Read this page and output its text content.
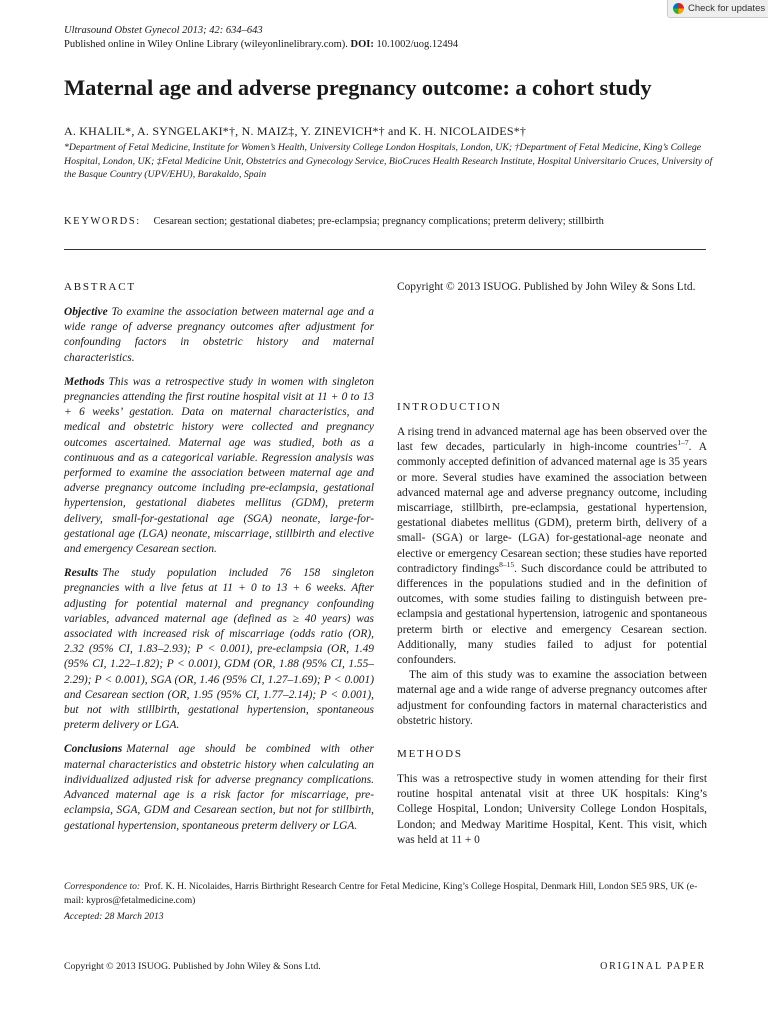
Check for updates
Ultrasound Obstet Gynecol 2013; 42: 634–643
Published online in Wiley Online Library (wileyonlinelibrary.com). DOI: 10.1002/uog.12494
Maternal age and adverse pregnancy outcome: a cohort study
A. KHALIL*, A. SYNGELAKI*†, N. MAIZ‡, Y. ZINEVICH*† and K. H. NICOLAIDES*†
*Department of Fetal Medicine, Institute for Women’s Health, University College London Hospitals, London, UK; †Department of Fetal Medicine, King’s College Hospital, London, UK; ‡Fetal Medicine Unit, Obstetrics and Gynecology Service, BioCruces Health Research Institute, Hospital Universitario Cruces, University of the Basque Country (UPV/EHU), Barakaldo, Spain
KEYWORDS: Cesarean section; gestational diabetes; pre-eclampsia; pregnancy complications; preterm delivery; stillbirth
ABSTRACT

Objective To examine the association between maternal age and a wide range of adverse pregnancy outcomes after adjustment for confounding factors in obstetric history and maternal characteristics.

Methods This was a retrospective study in women with singleton pregnancies attending the first routine hospital visit at 11 + 0 to 13 + 6 weeks’ gestation. Data on maternal characteristics, and medical and obstetric history were collected and pregnancy outcomes ascertained. Maternal age was studied, both as a continuous and as a categorical variable. Regression analysis was performed to examine the association between maternal age and adverse pregnancy outcome including pre-eclampsia, gestational hypertension, gestational diabetes mellitus (GDM), preterm delivery, small-for-gestational age (SGA) neonate, large-for-gestational age (LGA) neonate, miscarriage, stillbirth and elective and emergency Cesarean section.

Results The study population included 76 158 singleton pregnancies with a live fetus at 11 + 0 to 13 + 6 weeks. After adjusting for potential maternal and pregnancy confounding variables, advanced maternal age (defined as ≥ 40 years) was associated with increased risk of miscarriage (odds ratio (OR), 2.32 (95% CI, 1.83–2.93); P < 0.001), pre-eclampsia (OR, 1.49 (95% CI, 1.22–1.82); P < 0.001), GDM (OR, 1.88 (95% CI, 1.55–2.29); P < 0.001), SGA (OR, 1.46 (95% CI, 1.27–1.69); P < 0.001) and Cesarean section (OR, 1.95 (95% CI, 1.77–2.14); P < 0.001), but not with stillbirth, gestational hypertension, spontaneous preterm delivery or LGA.

Conclusions Maternal age should be combined with other maternal characteristics and obstetric history when calculating an individualized adjusted risk for adverse pregnancy complications. Advanced maternal age is a risk factor for miscarriage, pre-eclampsia, SGA, GDM and Cesarean section, but not for stillbirth, gestational hypertension, spontaneous preterm delivery or LGA.

INTRODUCTION

A rising trend in advanced maternal age has been observed over the last few decades, particularly in high-income countries$^{1-7}$. A commonly accepted definition of advanced maternal age is 35 years or more. Several studies have examined the association between advanced maternal age and adverse pregnancy outcome, including miscarriage, stillbirth, pre-eclampsia, gestational hypertension, gestational diabetes mellitus (GDM), preterm birth, delivery of a small- (SGA) or large- (LGA) for-gestational-age neonate and elective or emergency Cesarean section; these studies have reported contradictory findings$^{8-15}$. Such discordance could be attributed to differences in the populations studied and in the definition of outcomes, with some studies failing to distinguish between pre-eclampsia and gestational hypertension, iatrogenic and spontaneous preterm birth or elective and emergency Cesarean section. Additionally, many studies failed to adjust for potential confounders.

The aim of this study was to examine the association between maternal age and a wide range of adverse pregnancy outcomes after adjustment for confounding factors in maternal characteristics and obstetric history.

METHODS

This was a retrospective study in women attending for their first routine hospital antenatal visit at three UK hospitals: King’s College Hospital, London; University College London Hospitals, London; and Medway Maritime Hospital, Kent. This visit, which was held at 11 + 0

Correspondence to: Prof. K. H. Nicolaides, Harris Birthright Research Centre for Fetal Medicine, King’s College Hospital, Denmark Hill, London SE5 9RS, UK (e-mail: kypros@fetalmedicine.com)
Accepted: 28 March 2013
Copyright © 2013 ISUOG. Published by John Wiley & Sons Ltd.	ORIGINAL PAPER

Copyright © 2013 ISUOG. Published by John Wiley & Sons Ltd.
